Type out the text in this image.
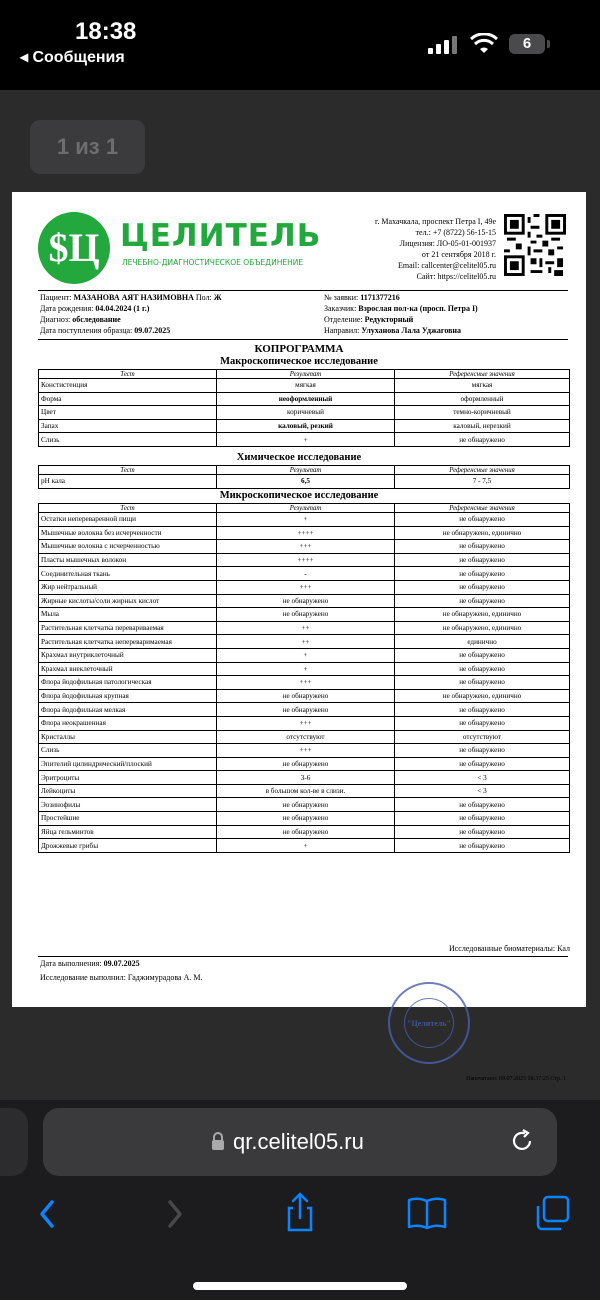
18:38
◂ Сообщения
6
1 из 1
$Ц ЦЕЛИТЕЛЬ
ЛЕЧЕБНО-ДИАГНОСТИЧЕСКОЕ ОБЪЕДИНЕНИЕ
г. Махачкала, проспект Петра I, 49е
тел.: +7 (8722) 56-15-15
Лицензия: ЛО-05-01-001937
от 21 сентября 2018 г.
Email: callcenter@celitel05.ru
Сайт: https://celitel05.ru
Пациент: МАЗАНОВА АЯТ НАЗИМОВНА Пол: Ж
Дата рождения: 04.04.2024 (1 г.)
Диагноз: обследование
Дата поступления образца: 09.07.2025
№ заявки: 1171377216
Заказчик: Взрослая пол-ка (просп. Петра I)
Отделение: Редукторный
Направил: Улуханова Лала Уджаговна
КОПРОГРАММА
Макроскопическое исследование
Тест	Результат	Референсные значения
Констистенция	мягкая	мягкая
Форма	неоформленный	оформленный
Цвет	коричневый	темно-коричневый
Запах	каловый, резкий	каловый, нерезкий
Слизь	+	не обнаружено
Химическое исследование
Тест	Результат	Референсные значения
pH кала	6,5	7 - 7,5
Микроскопическое исследование
Тест	Результат	Референсные значения
Остатки непереваренной пищи	+	не обнаружено
Мышечные волокна без исчерченности	++++	не обнаружено, единично
Мышечные волокна с исчерченностью	+++	не обнаружено
Пласты мышечных волокон	++++	не обнаружено
Соединительная ткань	-	не обнаружено
Жир нейтральный	+++	не обнаружено
Жирные кислоты/соли жирных кислот	не обнаружено	не обнаружено
Мыла	не обнаружено	не обнаружено, единично
Растительная клетчатка перевариваемая	++	не обнаружено, единично
Растительная клетчатка непереваримаемая	++	единично
Крахмал внутриклеточный	+	не обнаружено
Крахмал внеклеточный	+	не обнаружено
Флора йодофильная патологическая	+++	не обнаружено
Флора йодофильная крупная	не обнаружено	не обнаружено, единично
Флора йодофильная мелкая	не обнаружено	не обнаружено
Флора неокрашенная	+++	не обнаружено
Кристаллы	отсутствуют	отсутствуют
Слизь	+++	не обнаружено
Эпителий цилиндрический/плоский	не обнаружено	не обнаружено
Эритроциты	3-6	< 3
Лейкоциты	в большом кол-ве в слизи.	< 3
Эозинофилы	не обнаружено	не обнаружено
Простейшие	не обнаружено	не обнаружено
Яйца гельминтов	не обнаружено	не обнаружено
Дрожжевые грибы	+	не обнаружено
Исследованные биоматериалы: Кал
Дата выполнения: 09.07.2025
Исследование выполнил: Гаджимурадова А. М.
"Целитель"
Напечатано: 09.07.2025 18:37:25 Стр. 1
qr.celitel05.ru
